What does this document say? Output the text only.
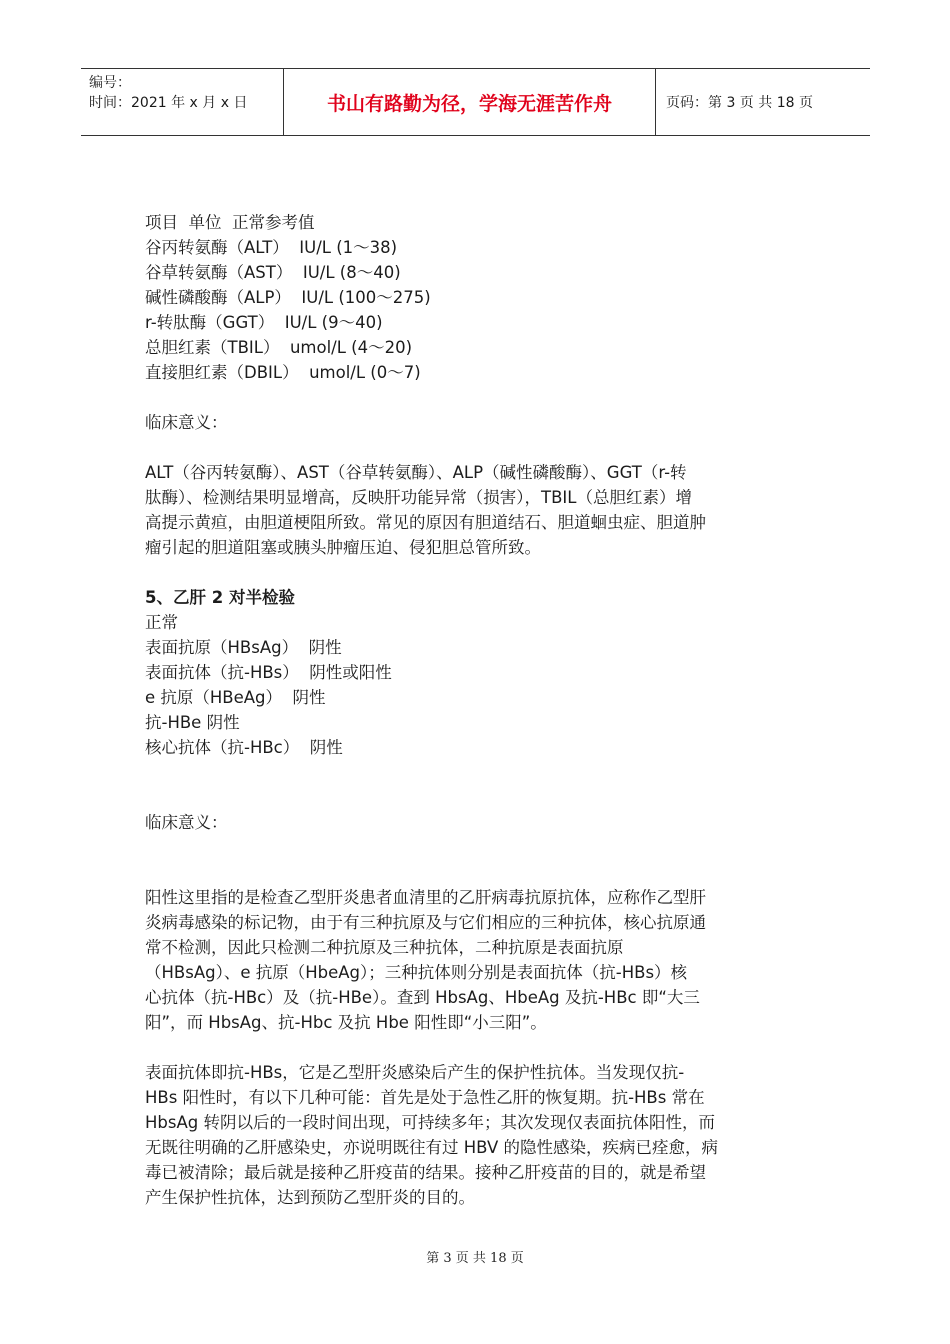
编号：
时间：2021 年 x 月 x 日	书山有路勤为径，学海无涯苦作舟	页码：第 3 页 共 18 页

项目  单位  正常参考值

谷丙转氨酶（ALT）  IU/L (1～38)

谷草转氨酶（AST）  IU/L (8～40)

碱性磷酸酶（ALP）  IU/L (100～275)

r-转肽酶（GGT）  IU/L (9～40)

总胆红素（TBIL）  umol/L (4～20)

直接胆红素（DBIL）  umol/L (0～7)

临床意义：

ALT（谷丙转氨酶）、AST（谷草转氨酶）、ALP（碱性磷酸酶）、GGT（r-转

肽酶）、检测结果明显增高，反映肝功能异常（损害），TBIL（总胆红素）增

高提示黄疸，由胆道梗阻所致。常见的原因有胆道结石、胆道蛔虫症、胆道肿

瘤引起的胆道阻塞或胰头肿瘤压迫、侵犯胆总管所致。

5、乙肝 2 对半检验

正常

表面抗原（HBsAg）  阴性

表面抗体（抗-HBs）  阴性或阳性

e 抗原（HBeAg）  阴性

抗-HBe 阴性

核心抗体（抗-HBc）  阴性

临床意义：

阳性这里指的是检查乙型肝炎患者血清里的乙肝病毒抗原抗体，应称作乙型肝

炎病毒感染的标记物，由于有三种抗原及与它们相应的三种抗体，核心抗原通

常不检测，因此只检测二种抗原及三种抗体，二种抗原是表面抗原

（HBsAg）、e 抗原（HbeAg）；三种抗体则分别是表面抗体（抗-HBs）核

心抗体（抗-HBc）及（抗-HBe）。查到 HbsAg、HbeAg 及抗-HBc 即“大三

阳”，而 HbsAg、抗-Hbc 及抗 Hbe 阳性即“小三阳”。

表面抗体即抗-HBs，它是乙型肝炎感染后产生的保护性抗体。当发现仅抗-

HBs 阳性时，有以下几种可能：首先是处于急性乙肝的恢复期。抗-HBs 常在

HbsAg 转阴以后的一段时间出现，可持续多年；其次发现仅表面抗体阳性，而

无既往明确的乙肝感染史，亦说明既往有过 HBV 的隐性感染，疾病已痊愈，病

毒已被清除；最后就是接种乙肝疫苗的结果。接种乙肝疫苗的目的，就是希望

产生保护性抗体，达到预防乙型肝炎的目的。

第 3 页 共 18 页
